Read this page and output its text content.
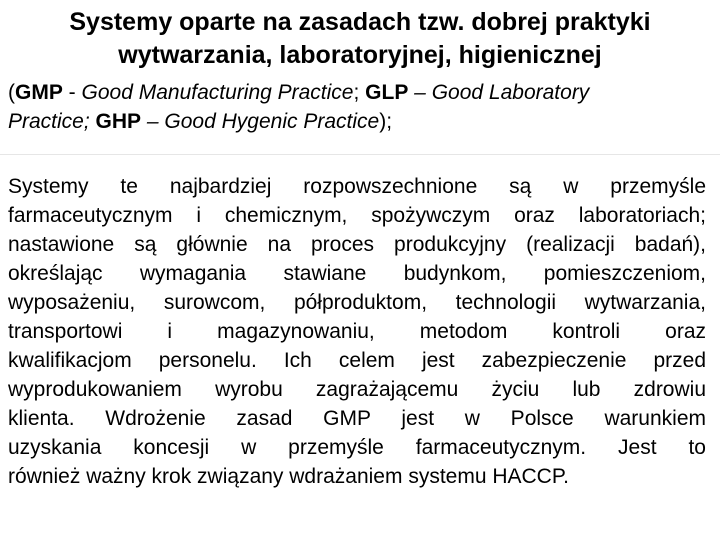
Systemy oparte na zasadach tzw. dobrej praktyki
wytwarzania, laboratoryjnej, higienicznej

(GMP - Good Manufacturing Practice; GLP – Good Laboratory
Practice; GHP – Good Hygenic Practice);

Systemy te najbardziej rozpowszechnione są w przemyśle
farmaceutycznym i chemicznym, spożywczym oraz laboratoriach;
nastawione są głównie na proces produkcyjny (realizacji badań),
określając wymagania stawiane budynkom, pomieszczeniom,
wyposażeniu, surowcom, półproduktom, technologii wytwarzania,
transportowi i magazynowaniu, metodom kontroli oraz
kwalifikacjom personelu. Ich celem jest zabezpieczenie przed
wyprodukowaniem wyrobu zagrażającemu życiu lub zdrowiu
klienta. Wdrożenie zasad GMP jest w Polsce warunkiem
uzyskania koncesji w przemyśle farmaceutycznym. Jest to
również ważny krok związany wdrażaniem systemu HACCP.
